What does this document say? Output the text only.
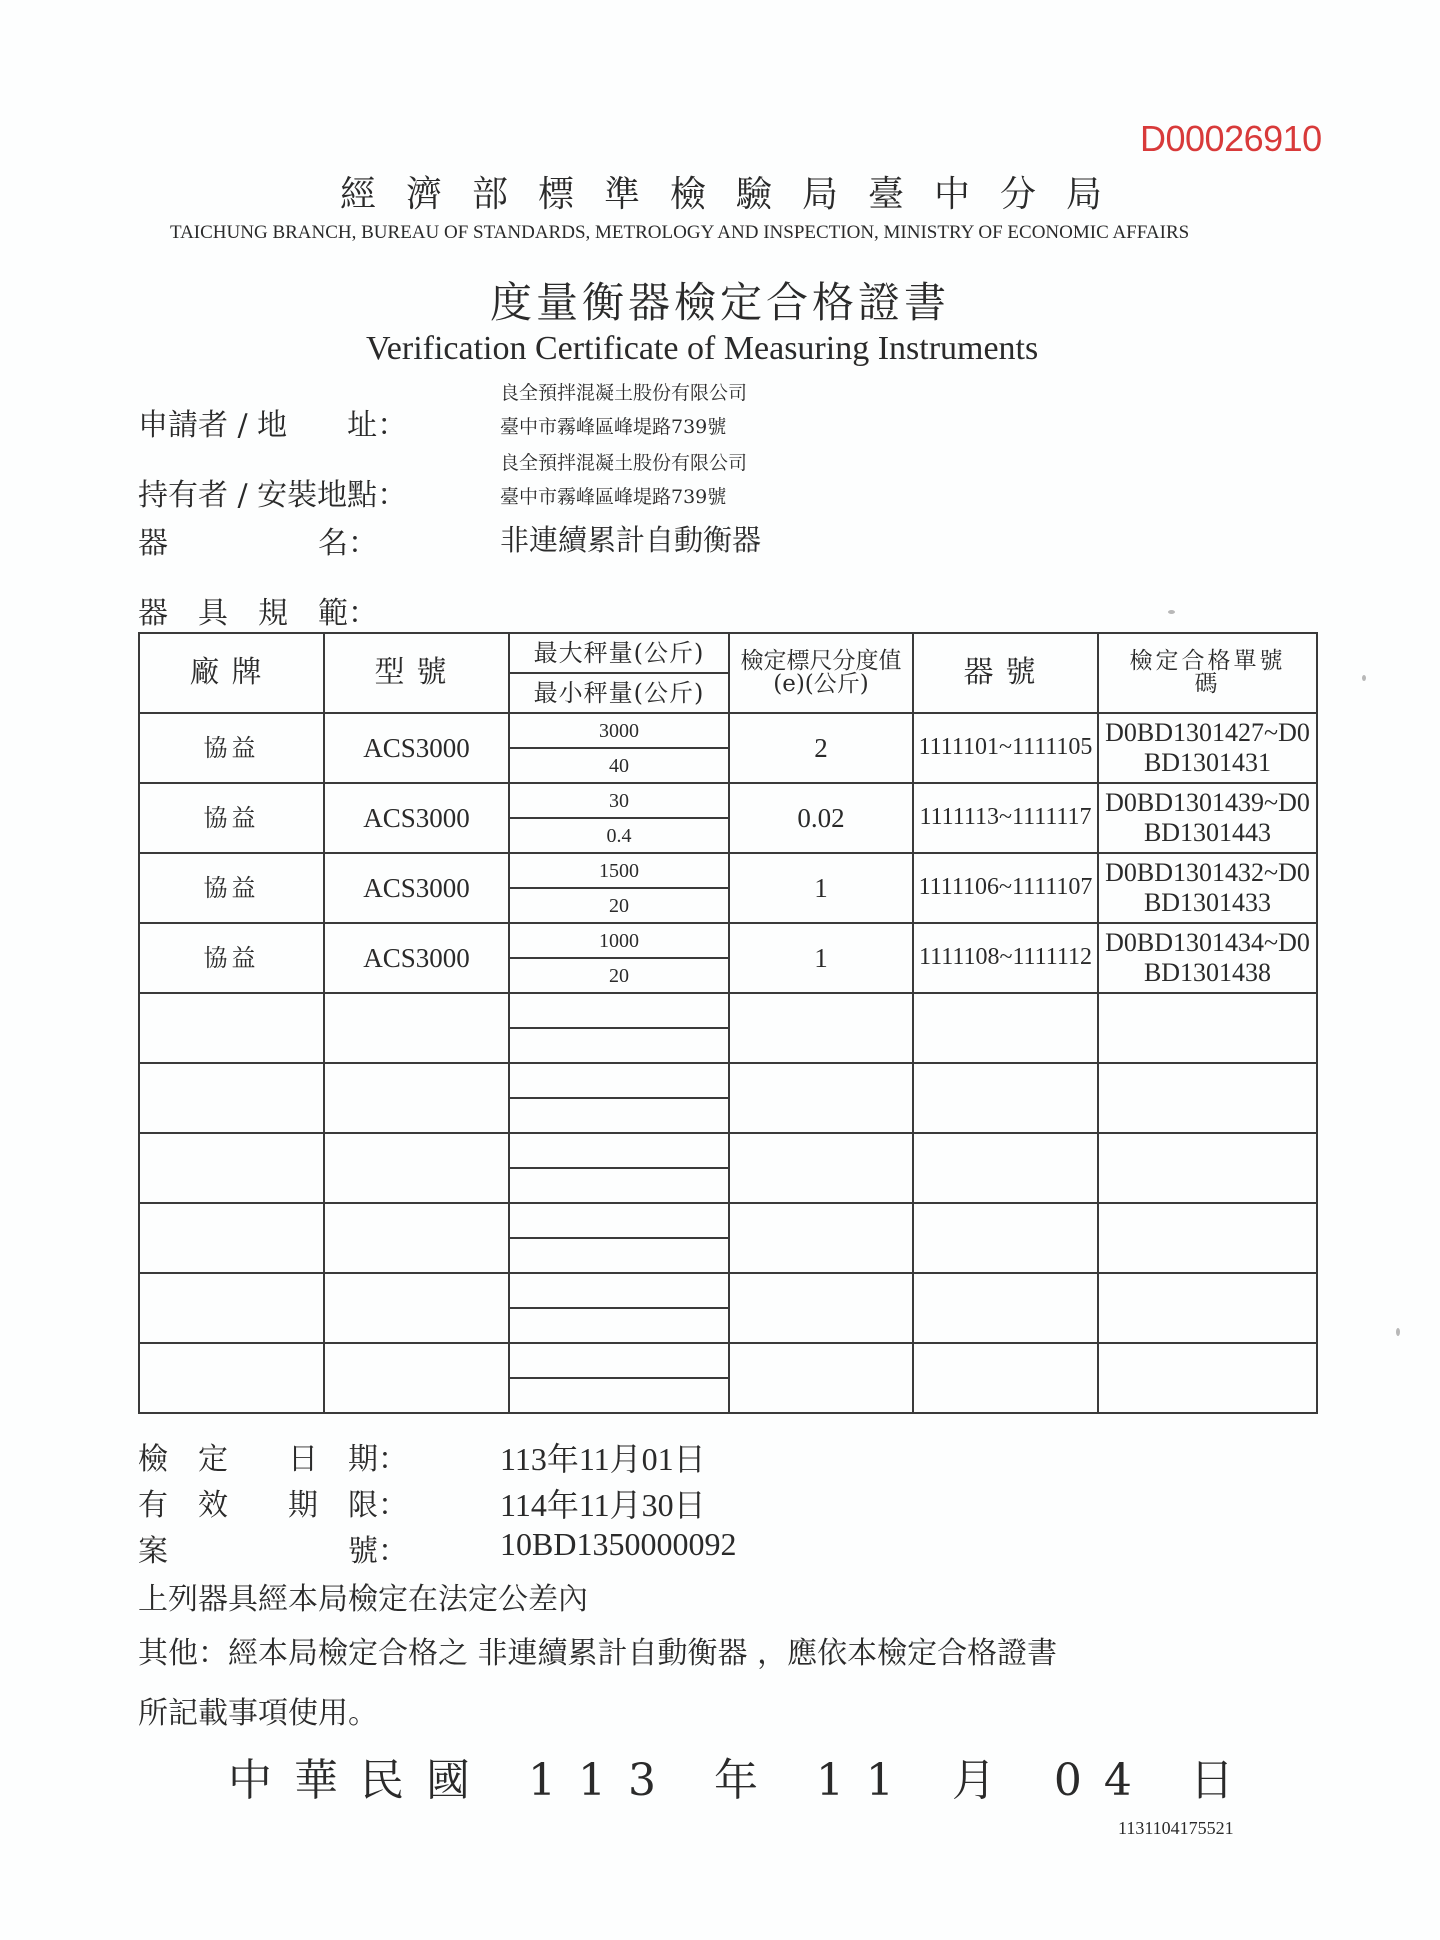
D00026910
經濟部標準檢驗局臺中分局
TAICHUNG BRANCH, BUREAU OF STANDARDS, METROLOGY AND INSPECTION, MINISTRY OF ECONOMIC AFFAIRS
度量衡器檢定合格證書
Verification Certificate of Measuring Instruments
申請者 / 地　　址：
良全預拌混凝土股份有限公司
臺中市霧峰區峰堤路739號
持有者 / 安裝地點：
良全預拌混凝土股份有限公司
臺中市霧峰區峰堤路739號
器　　　　　名：	非連續累計自動衡器
器　具　規　範：
廠牌	型號	最大秤量(公斤)	檢定標尺分度值(e)(公斤)	器號	檢定合格單號碼
		最小秤量(公斤)			
協益	ACS3000	3000	2	1111101~1111105	D0BD1301427~D0BD1301431
		40			
協益	ACS3000	30	0.02	1111113~1111117	D0BD1301439~D0BD1301443
		0.4			
協益	ACS3000	1500	1	1111106~1111107	D0BD1301432~D0BD1301433
		20			
協益	ACS3000	1000	1	1111108~1111112	D0BD1301434~D0BD1301438
		20			

檢　定　　日　期：	113年11月01日
有　效　　期　限：	114年11月30日
案　　　　　　號：	10BD1350000092
上列器具經本局檢定在法定公差內
其他：經本局檢定合格之 非連續累計自動衡器 ，應依本檢定合格證書
所記載事項使用。
中華民國 113 年 11 月 04 日
1131104175521
